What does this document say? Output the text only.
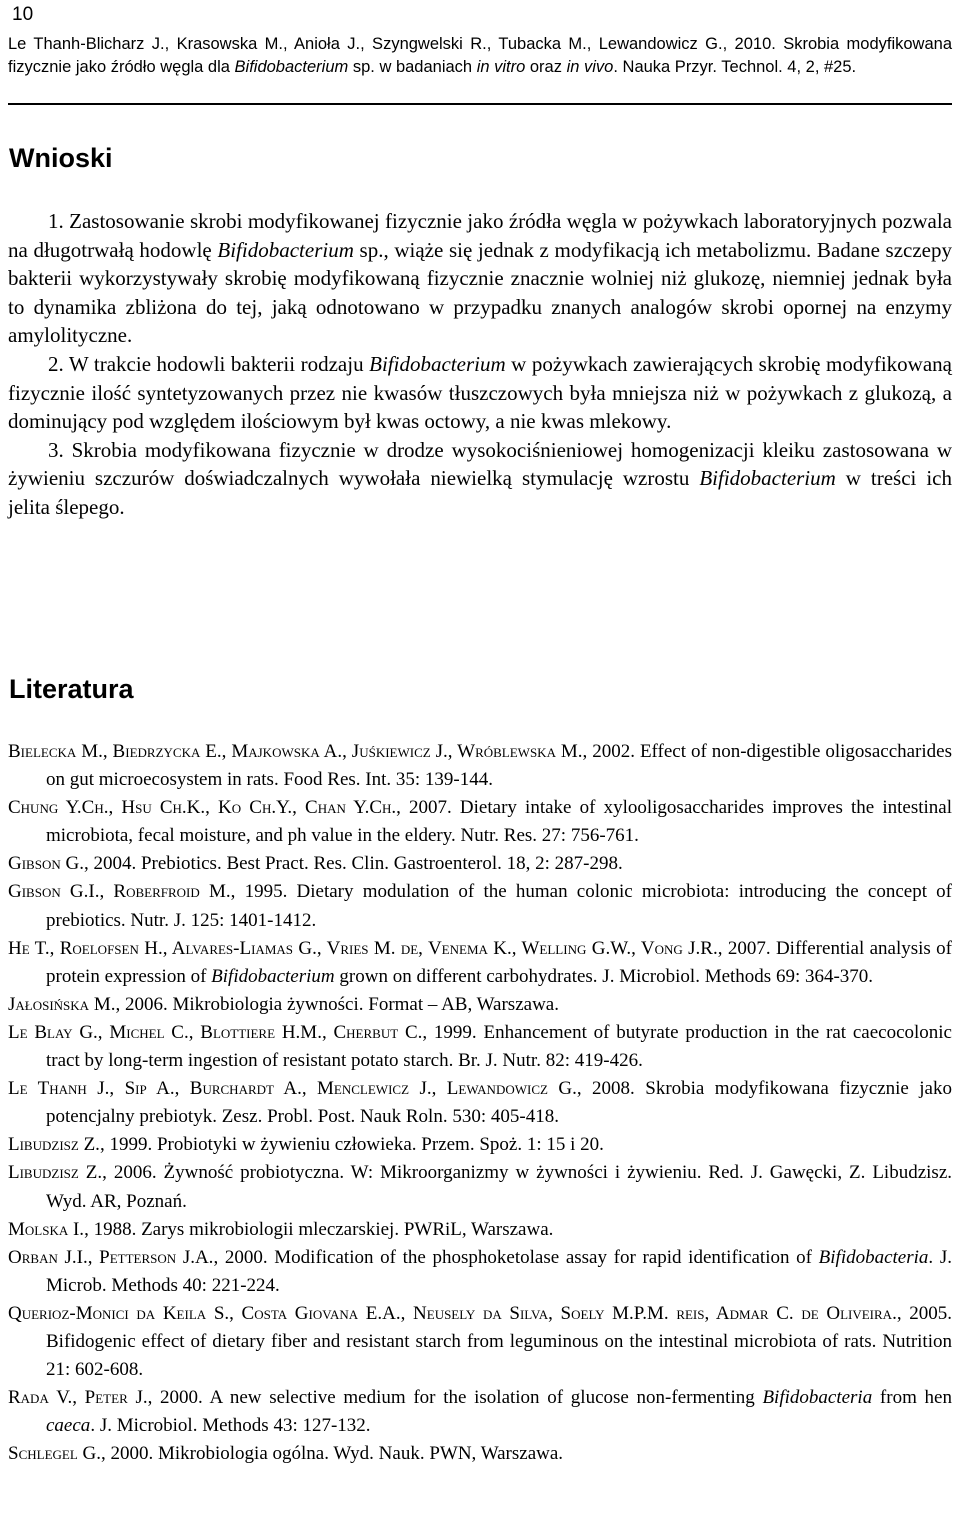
10
Le Thanh-Blicharz J., Krasowska M., Anioła J., Szyngwelski R., Tubacka M., Lewandowicz G., 2010. Skrobia modyfikowana fizycznie jako źródło węgla dla Bifidobacterium sp. w badaniach in vitro oraz in vivo. Nauka Przyr. Technol. 4, 2, #25.
Wnioski

1. Zastosowanie skrobi modyfikowanej fizycznie jako źródła węgla w pożywkach laboratoryjnych pozwala na długotrwałą hodowlę Bifidobacterium sp., wiąże się jednak z modyfikacją ich metabolizmu. Badane szczepy bakterii wykorzystywały skrobię modyfikowaną fizycznie znacznie wolniej niż glukozę, niemniej jednak była to dynamika zbliżona do tej, jaką odnotowano w przypadku znanych analogów skrobi opornej na enzymy amylolityczne.

2. W trakcie hodowli bakterii rodzaju Bifidobacterium w pożywkach zawierających skrobię modyfikowaną fizycznie ilość syntetyzowanych przez nie kwasów tłuszczowych była mniejsza niż w pożywkach z glukozą, a dominujący pod względem ilościowym był kwas octowy, a nie kwas mlekowy.

3. Skrobia modyfikowana fizycznie w drodze wysokociśnieniowej homogenizacji kleiku zastosowana w żywieniu szczurów doświadczalnych wywołała niewielką stymulację wzrostu Bifidobacterium w treści ich jelita ślepego.

Literatura

Bielecka M., Biedrzycka E., Majkowska A., Juśkiewicz J., Wróblewska M., 2002. Effect of non-digestible oligosaccharides on gut microecosystem in rats. Food Res. Int. 35: 139-144.

Chung Y.Ch., Hsu Ch.K., Ko Ch.Y., Chan Y.Ch., 2007. Dietary intake of xylooligosaccharides improves the intestinal microbiota, fecal moisture, and ph value in the eldery. Nutr. Res. 27: 756-761.

Gibson G., 2004. Prebiotics. Best Pract. Res. Clin. Gastroenterol. 18, 2: 287-298.

Gibson G.I., Roberfroid M., 1995. Dietary modulation of the human colonic microbiota: introducing the concept of prebiotics. Nutr. J. 125: 1401-1412.

He T., Roelofsen H., Alvares-Liamas G., Vries M. de, Venema K., Welling G.W., Vong J.R., 2007. Differential analysis of protein expression of Bifidobacterium grown on different carbohydrates. J. Microbiol. Methods 69: 364-370.

Jałosińska M., 2006. Mikrobiologia żywności. Format – AB, Warszawa.

Le Blay G., Michel C., Blottiere H.M., Cherbut C., 1999. Enhancement of butyrate production in the rat caecocolonic tract by long-term ingestion of resistant potato starch. Br. J. Nutr. 82: 419-426.

Le Thanh J., Sip A., Burchardt A., Menclewicz J., Lewandowicz G., 2008. Skrobia modyfikowana fizycznie jako potencjalny prebiotyk. Zesz. Probl. Post. Nauk Roln. 530: 405-418.

Libudzisz Z., 1999. Probiotyki w żywieniu człowieka. Przem. Spoż. 1: 15 i 20.

Libudzisz Z., 2006. Żywność probiotyczna. W: Mikroorganizmy w żywności i żywieniu. Red. J. Gawęcki, Z. Libudzisz. Wyd. AR, Poznań.

Molska I., 1988. Zarys mikrobiologii mleczarskiej. PWRiL, Warszawa.

Orban J.I., Petterson J.A., 2000. Modification of the phosphoketolase assay for rapid identification of Bifidobacteria. J. Microb. Methods 40: 221-224.

Querioz-Monici da Keila S., Costa Giovana E.A., Neusely da Silva, Soely M.P.M. reis, Admar C. de Oliveira., 2005. Bifidogenic effect of dietary fiber and resistant starch from leguminous on the intestinal microbiota of rats. Nutrition 21: 602-608.

Rada V., Peter J., 2000. A new selective medium for the isolation of glucose non-fermenting Bifidobacteria from hen caeca. J. Microbiol. Methods 43: 127-132.

Schlegel G., 2000. Mikrobiologia ogólna. Wyd. Nauk. PWN, Warszawa.
